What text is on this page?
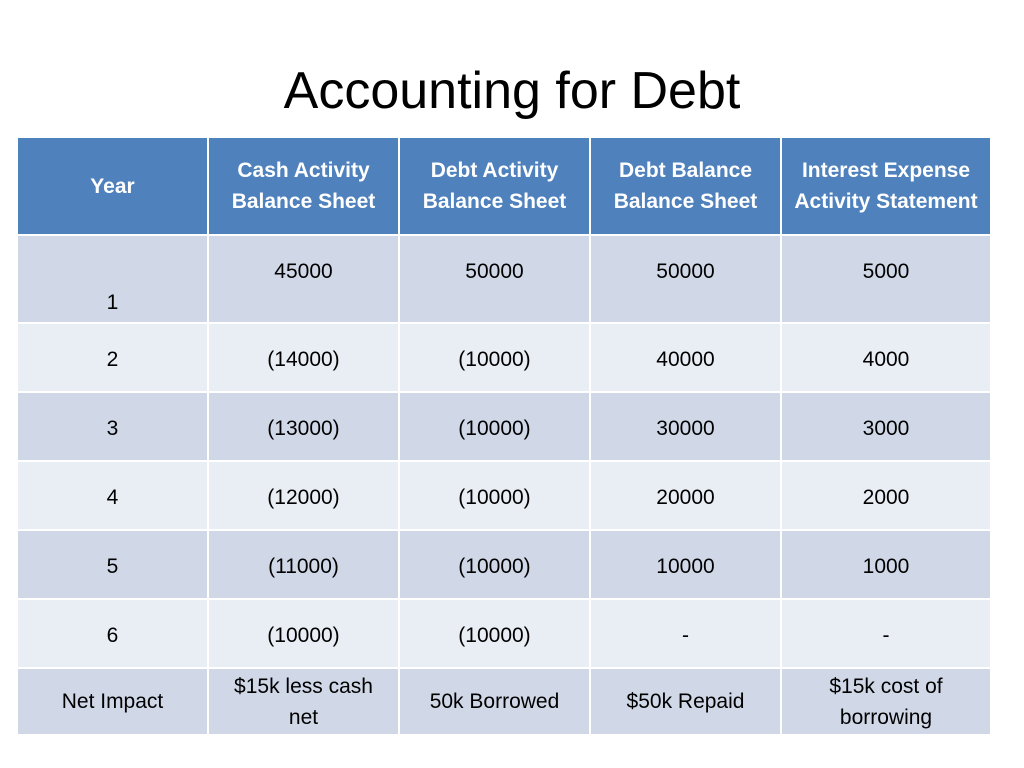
Accounting for Debt
Year	Cash Activity Balance Sheet	Debt Activity Balance Sheet	Debt Balance Balance Sheet	Interest Expense Activity Statement
1	45000	50000	50000	5000
2	(14000)	(10000)	40000	4000
3	(13000)	(10000)	30000	3000
4	(12000)	(10000)	20000	2000
5	(11000)	(10000)	10000	1000
6	(10000)	(10000)	-	-
Net Impact	$15k less cash net	50k Borrowed	$50k Repaid	$15k cost of borrowing
